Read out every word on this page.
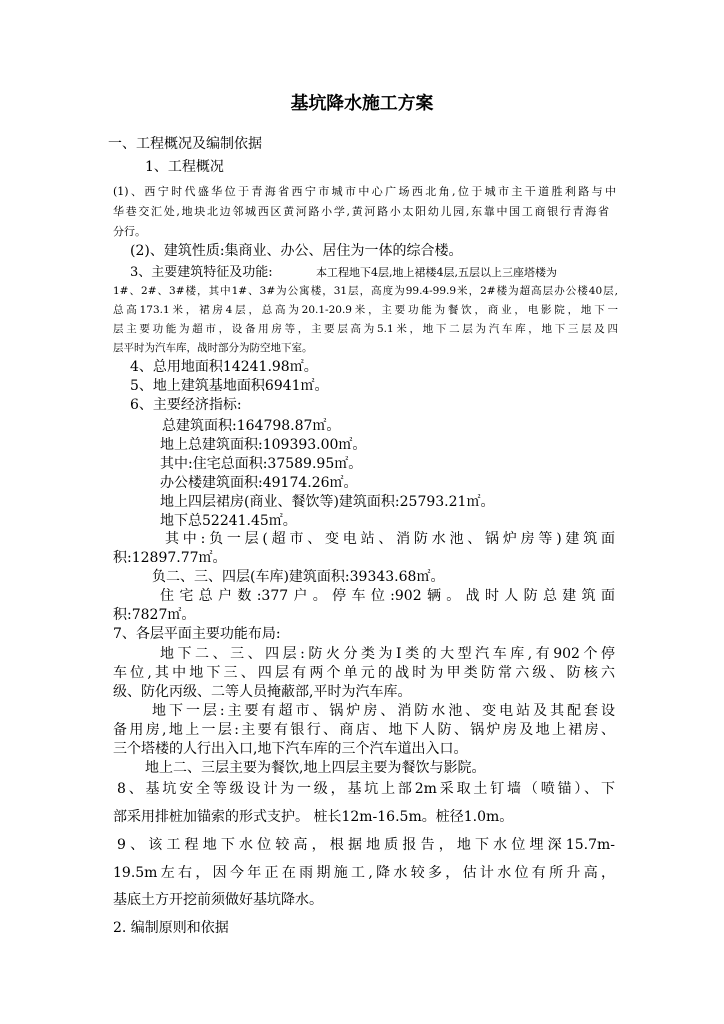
基坑降水施工方案
一、工程概况及编制依据
1、工程概况
(1)、西宁时代盛华位于青海省西宁市城市中心广场西北角,位于城市主干道胜利路与中
华巷交汇处,地块北边邻城西区黄河路小学,黄河路小太阳幼儿园,东靠中国工商银行青海省
分行。
(2)、建筑性质:集商业、办公、居住为一体的综合楼。
3、主要建筑特征及功能:	本工程地下4层,地上裙楼4层,五层以上三座塔楼为
1#、2#、3#楼，其中1#、3#为公寓楼，31层，高度为99.4-99.9米，2#楼为超高层办公楼40层,
总高173.1米，裙房4层，总高为20.1-20.9米，主要功能为餐饮，商业，电影院，地下一
层主要功能为超市，设备用房等，主要层高为5.1米，地下二层为汽车库，地下三层及四
层平时为汽车库，战时部分为防空地下室。
4、总用地面积14241.98㎡。
5、地上建筑基地面积6941㎡。
6、主要经济指标:
总建筑面积:164798.87㎡。
地上总建筑面积:109393.00㎡。
其中:住宅总面积:37589.95㎡。
办公楼建筑面积:49174.26㎡。
地上四层裙房(商业、餐饮等)建筑面积:25793.21㎡。
地下总52241.45㎡。
其中:负一层(超市、变电站、消防水池、锅炉房等)建筑面
积:12897.77㎡。
负二、三、四层(车库)建筑面积:39343.68㎡。
住宅总户数:377户。停车位:902辆。战时人防总建筑面
积:7827㎡。
7、各层平面主要功能布局:
地下二、三、四层:防火分类为Ⅰ类的大型汽车库,有902个停
车位,其中地下三、四层有两个单元的战时为甲类防常六级、防核六
级、防化丙级、二等人员掩蔽部,平时为汽车库。
地下一层:主要有超市、锅炉房、消防水池、变电站及其配套设
备用房,地上一层:主要有银行、商店、地下人防、锅炉房及地上裙房、
三个塔楼的人行出入口,地下汽车库的三个汽车道出入口。
地上二、三层主要为餐饮,地上四层主要为餐饮与影院。
8、基坑安全等级设计为一级，基坑上部2m采取土钉墙（喷锚）、下
部采用排桩加锚索的形式支护。 桩长12m-16.5m。桩径1.0m。
9、该工程地下水位较高，根据地质报告，地下水位埋深15.7m-
19.5m左右，因今年正在雨期施工,降水较多，估计水位有所升高，
基底土方开挖前须做好基坑降水。
2. 编制原则和依据
